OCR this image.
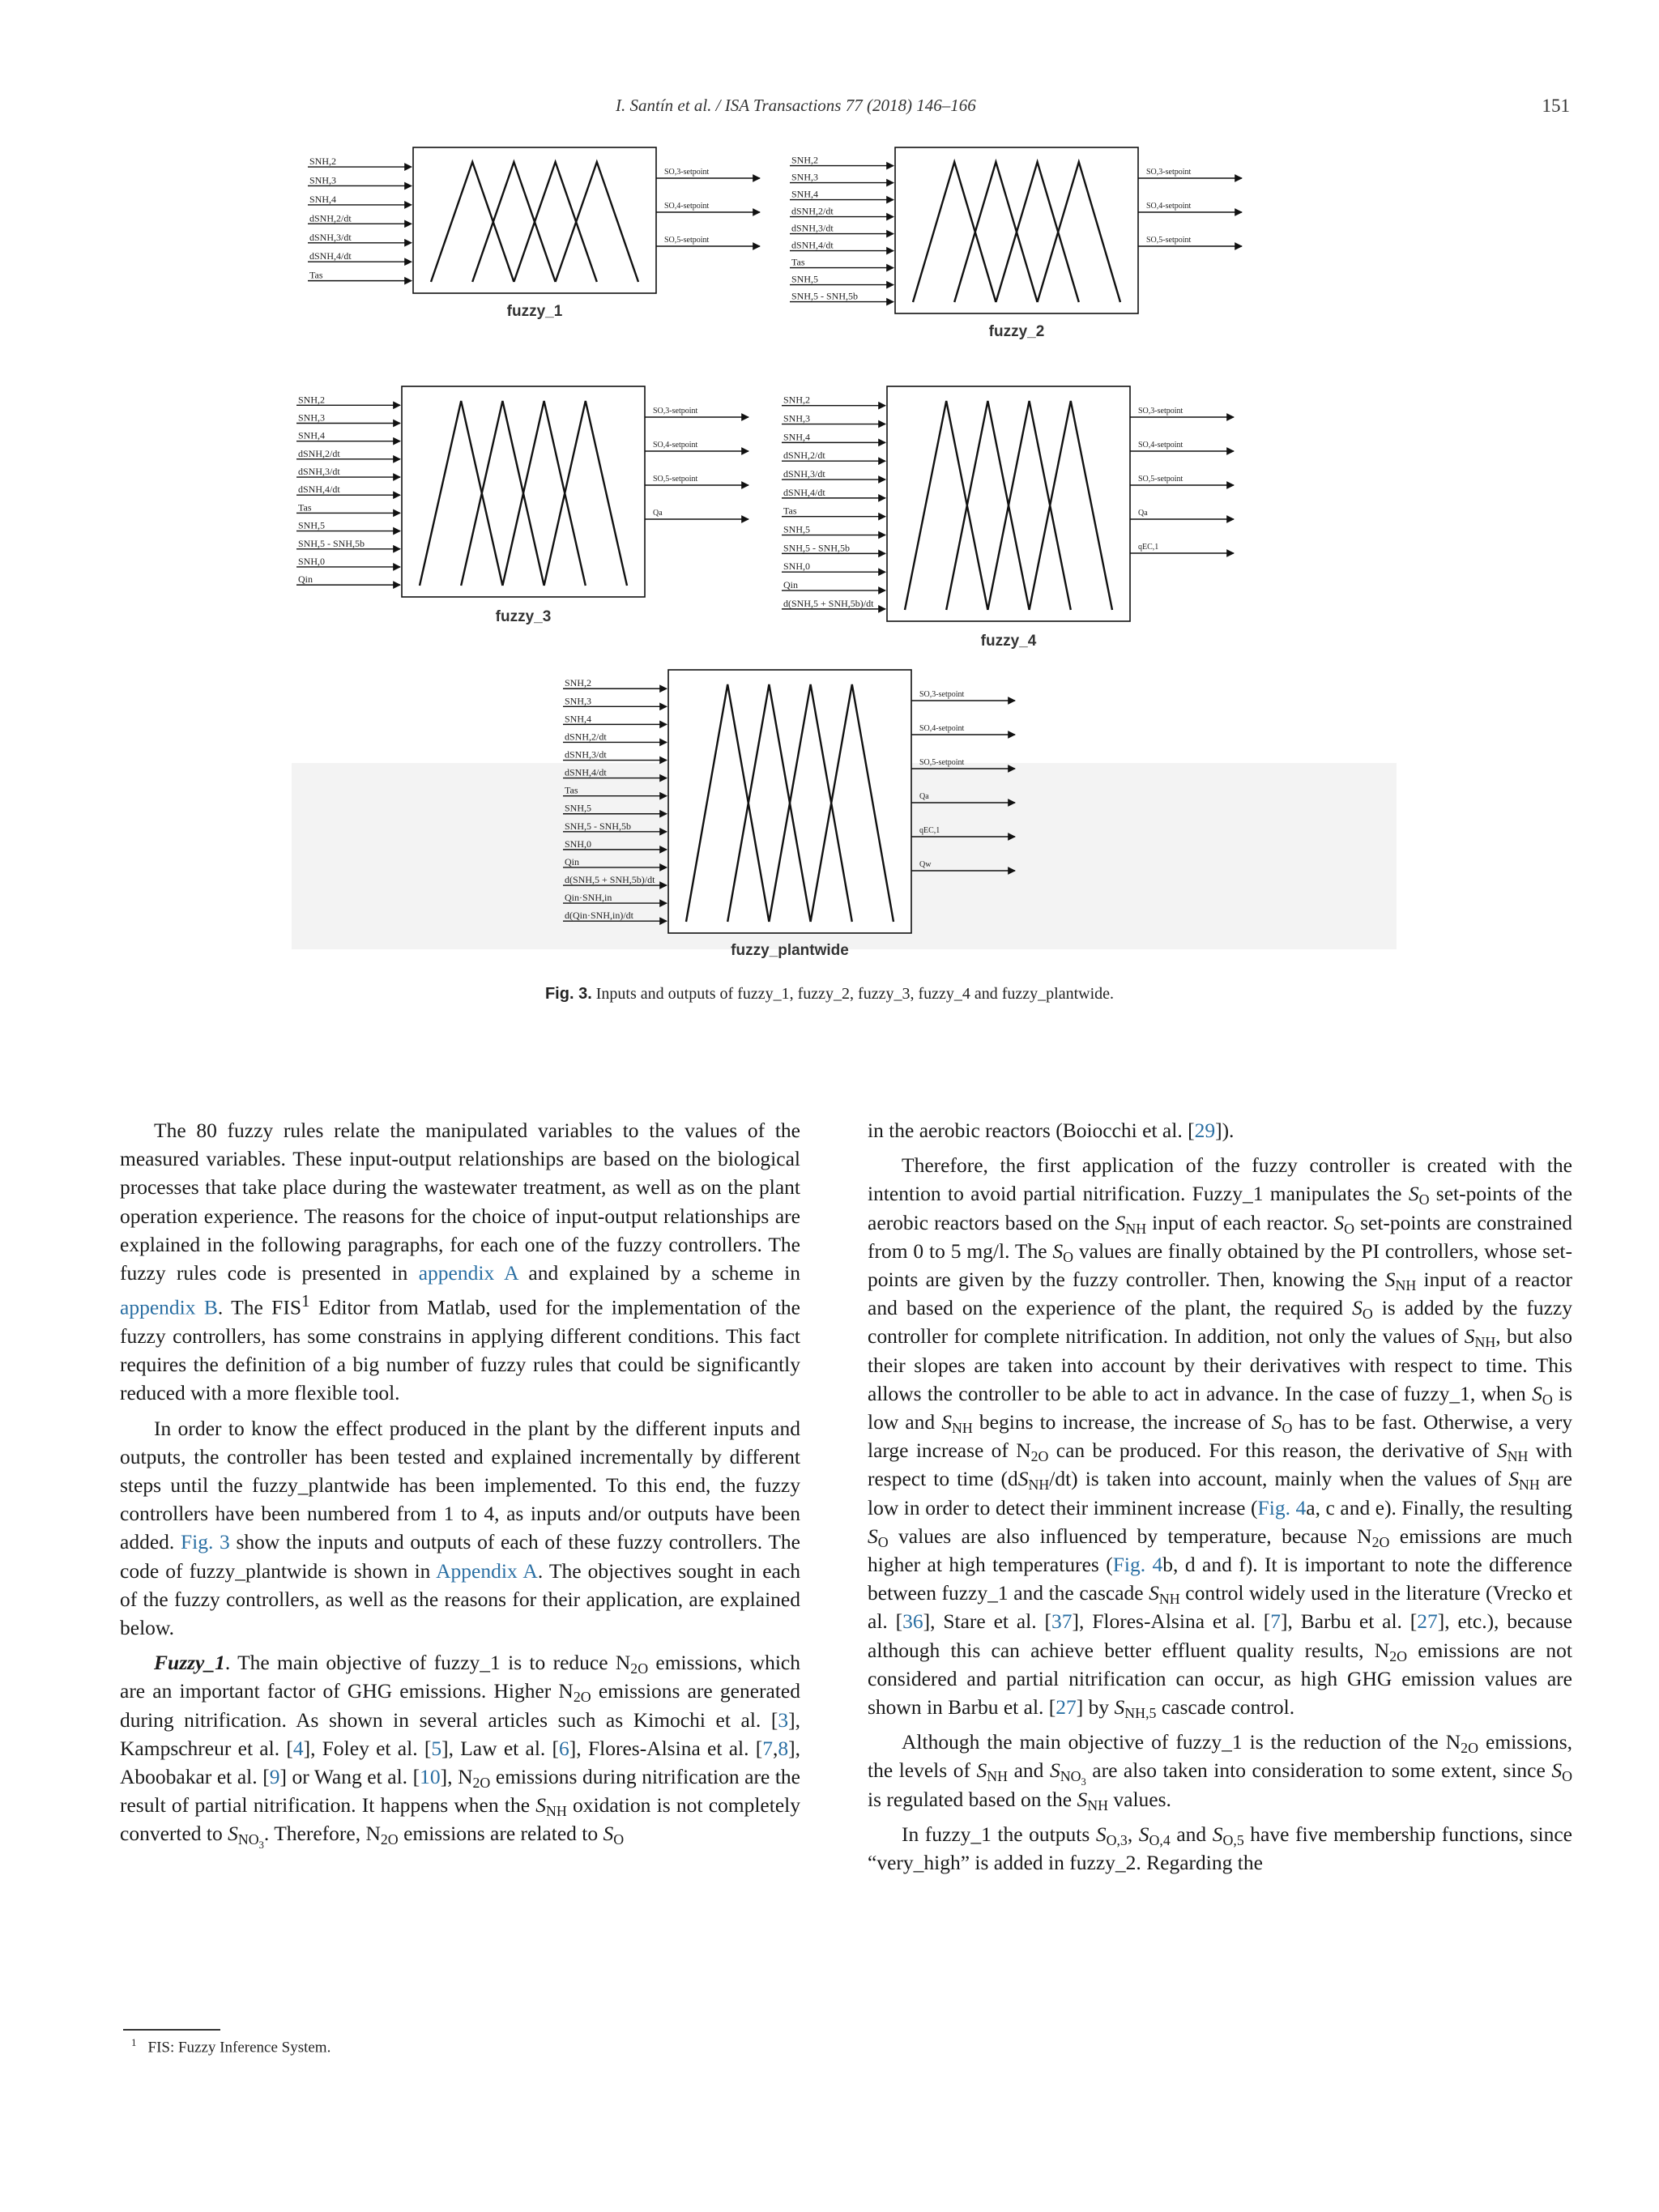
I. Santín et al. / ISA Transactions 77 (2018) 146–166	151
SNH,2
SNH,3
SNH,4
dSNH,2/dt
dSNH,3/dt
dSNH,4/dt
Tas
SO,3-setpoint
SO,4-setpoint
SO,5-setpoint
fuzzy_1
SNH,2
SNH,3
SNH,4
dSNH,2/dt
dSNH,3/dt
dSNH,4/dt
Tas
SNH,5
SNH,5 - SNH,5b
SO,3-setpoint
SO,4-setpoint
SO,5-setpoint
fuzzy_2
SNH,2
SNH,3
SNH,4
dSNH,2/dt
dSNH,3/dt
dSNH,4/dt
Tas
SNH,5
SNH,5 - SNH,5b
SNH,0
Qin
SO,3-setpoint
SO,4-setpoint
SO,5-setpoint
Qa
fuzzy_3
SNH,2
SNH,3
SNH,4
dSNH,2/dt
dSNH,3/dt
dSNH,4/dt
Tas
SNH,5
SNH,5 - SNH,5b
SNH,0
Qin
d(SNH,5 + SNH,5b)/dt
SO,3-setpoint
SO,4-setpoint
SO,5-setpoint
Qa
qEC,1
fuzzy_4
SNH,2
SNH,3
SNH,4
dSNH,2/dt
dSNH,3/dt
dSNH,4/dt
Tas
SNH,5
SNH,5 - SNH,5b
SNH,0
Qin
d(SNH,5 + SNH,5b)/dt
Qin·SNH,in
d(Qin·SNH,in)/dt
SO,3-setpoint
SO,4-setpoint
SO,5-setpoint
Qa
qEC,1
Qw
fuzzy_plantwide
Fig. 3. Inputs and outputs of fuzzy_1, fuzzy_2, fuzzy_3, fuzzy_4 and fuzzy_plantwide.

The 80 fuzzy rules relate the manipulated variables to the values of the measured variables. These input-output relationships are based on the biological processes that take place during the wastewater treatment, as well as on the plant operation experience. The reasons for the choice of input-output relationships are explained in the following paragraphs, for each one of the fuzzy controllers. The fuzzy rules code is presented in appendix A and explained by a scheme in appendix B. The FIS$^1$ Editor from Matlab, used for the implementation of the fuzzy controllers, has some constrains in applying different conditions. This fact requires the definition of a big number of fuzzy rules that could be significantly reduced with a more flexible tool.

In order to know the effect produced in the plant by the different inputs and outputs, the controller has been tested and explained incrementally by different steps until the fuzzy_plantwide has been implemented. To this end, the fuzzy controllers have been numbered from 1 to 4, as inputs and/or outputs have been added. Fig. 3 show the inputs and outputs of each of these fuzzy controllers. The code of fuzzy_plantwide is shown in Appendix A. The objectives sought in each of the fuzzy controllers, as well as the reasons for their application, are explained below.

Fuzzy_1. The main objective of fuzzy_1 is to reduce $N_{2O}$ emissions, which are an important factor of GHG emissions. Higher $N_{2O}$ emissions are generated during nitrification. As shown in several articles such as Kimochi et al. [3], Kampschreur et al. [4], Foley et al. [5], Law et al. [6], Flores-Alsina et al. [7,8], Aboobakar et al. [9] or Wang et al. [10], $N_{2O}$ emissions during nitrification are the result of partial nitrification. It happens when the $S_{NH}$ oxidation is not completely converted to $S_{NO_3}$. Therefore, $N_{2O}$ emissions are related to $S_O$

in the aerobic reactors (Boiocchi et al. [29]).

Therefore, the first application of the fuzzy controller is created with the intention to avoid partial nitrification. Fuzzy_1 manipulates the $S_O$ set-points of the aerobic reactors based on the $S_{NH}$ input of each reactor. $S_O$ set-points are constrained from 0 to 5 mg/l. The $S_O$ values are finally obtained by the PI controllers, whose set-points are given by the fuzzy controller. Then, knowing the $S_{NH}$ input of a reactor and based on the experience of the plant, the required $S_O$ is added by the fuzzy controller for complete nitrification. In addition, not only the values of $S_{NH}$, but also their slopes are taken into account by their derivatives with respect to time. This allows the controller to be able to act in advance. In the case of fuzzy_1, when $S_O$ is low and $S_{NH}$ begins to increase, the increase of $S_O$ has to be fast. Otherwise, a very large increase of $N_{2O}$ can be produced. For this reason, the derivative of $S_{NH}$ with respect to time $(dS_{NH}/dt)$ is taken into account, mainly when the values of $S_{NH}$ are low in order to detect their imminent increase (Fig. 4a, c and e). Finally, the resulting $S_O$ values are also influenced by temperature, because $N_{2O}$ emissions are much higher at high temperatures (Fig. 4b, d and f). It is important to note the difference between fuzzy_1 and the cascade $S_{NH}$ control widely used in the literature (Vrecko et al. [36], Stare et al. [37], Flores-Alsina et al. [7], Barbu et al. [27], etc.), because although this can achieve better effluent quality results, $N_{2O}$ emissions are not considered and partial nitrification can occur, as high GHG emission values are shown in Barbu et al. [27] by $S_{NH,5}$ cascade control.

Although the main objective of fuzzy_1 is the reduction of the $N_{2O}$ emissions, the levels of $S_{NH}$ and $S_{NO_3}$ are also taken into consideration to some extent, since $S_O$ is regulated based on the $S_{NH}$ values.

In fuzzy_1 the outputs $S_{O,3}$, $S_{O,4}$ and $S_{O,5}$ have five membership functions, since “very_high” is added in fuzzy_2. Regarding the

$^1$ FIS: Fuzzy Inference System.
